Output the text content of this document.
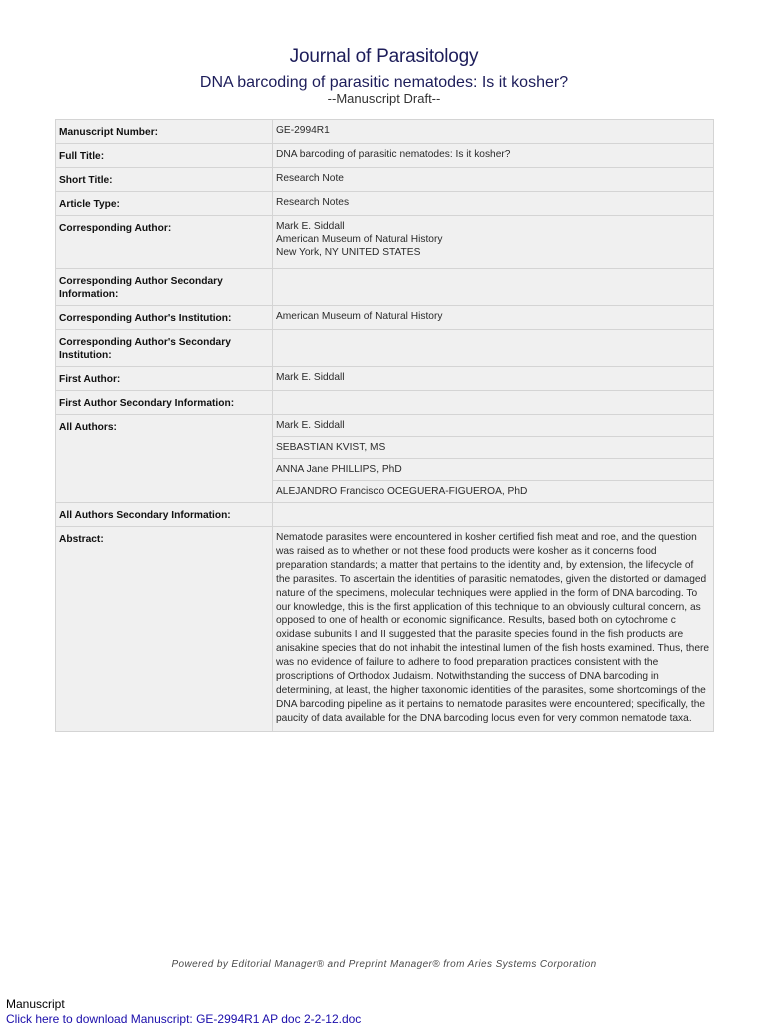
Journal of Parasitology
DNA barcoding of parasitic nematodes: Is it kosher?
--Manuscript Draft--
Manuscript Number:	GE-2994R1
Full Title:	DNA barcoding of parasitic nematodes: Is it kosher?
Short Title:	Research Note
Article Type:	Research Notes
Corresponding Author:	Mark E. Siddall
American Museum of Natural History
New York, NY UNITED STATES

Corresponding Author Secondary Information:	
Corresponding Author's Institution:	American Museum of Natural History
Corresponding Author's Secondary Institution:	
First Author:	Mark E. Siddall
First Author Secondary Information:	
All Authors:	Mark E. Siddall
	SEBASTIAN KVIST, MS
	ANNA Jane PHILLIPS, PhD
	ALEJANDRO Francisco OCEGUERA-FIGUEROA, PhD
All Authors Secondary Information:	
Abstract:	Nematode parasites were encountered in kosher certified fish meat and roe, and the question was raised as to whether or not these food products were kosher as it concerns food preparation standards; a matter that pertains to the identity and, by extension, the lifecycle of the parasites. To ascertain the identities of parasitic nematodes, given the distorted or damaged nature of the specimens, molecular techniques were applied in the form of DNA barcoding. To our knowledge, this is the first application of this technique to an obviously cultural concern, as opposed to one of health or economic significance. Results, based both on cytochrome c oxidase subunits I and II suggested that the parasite species found in the fish products are anisakine species that do not inhabit the intestinal lumen of the fish hosts examined. Thus, there was no evidence of failure to adhere to food preparation practices consistent with the proscriptions of Orthodox Judaism. Notwithstanding the success of DNA barcoding in determining, at least, the higher taxonomic identities of the parasites, some shortcomings of the DNA barcoding pipeline as it pertains to nematode parasites were encountered; specifically, the paucity of data available for the DNA barcoding locus even for very common nematode taxa.
Powered by Editorial Manager® and Preprint Manager® from Aries Systems Corporation
Manuscript
Click here to download Manuscript: GE-2994R1 AP doc 2-2-12.doc
